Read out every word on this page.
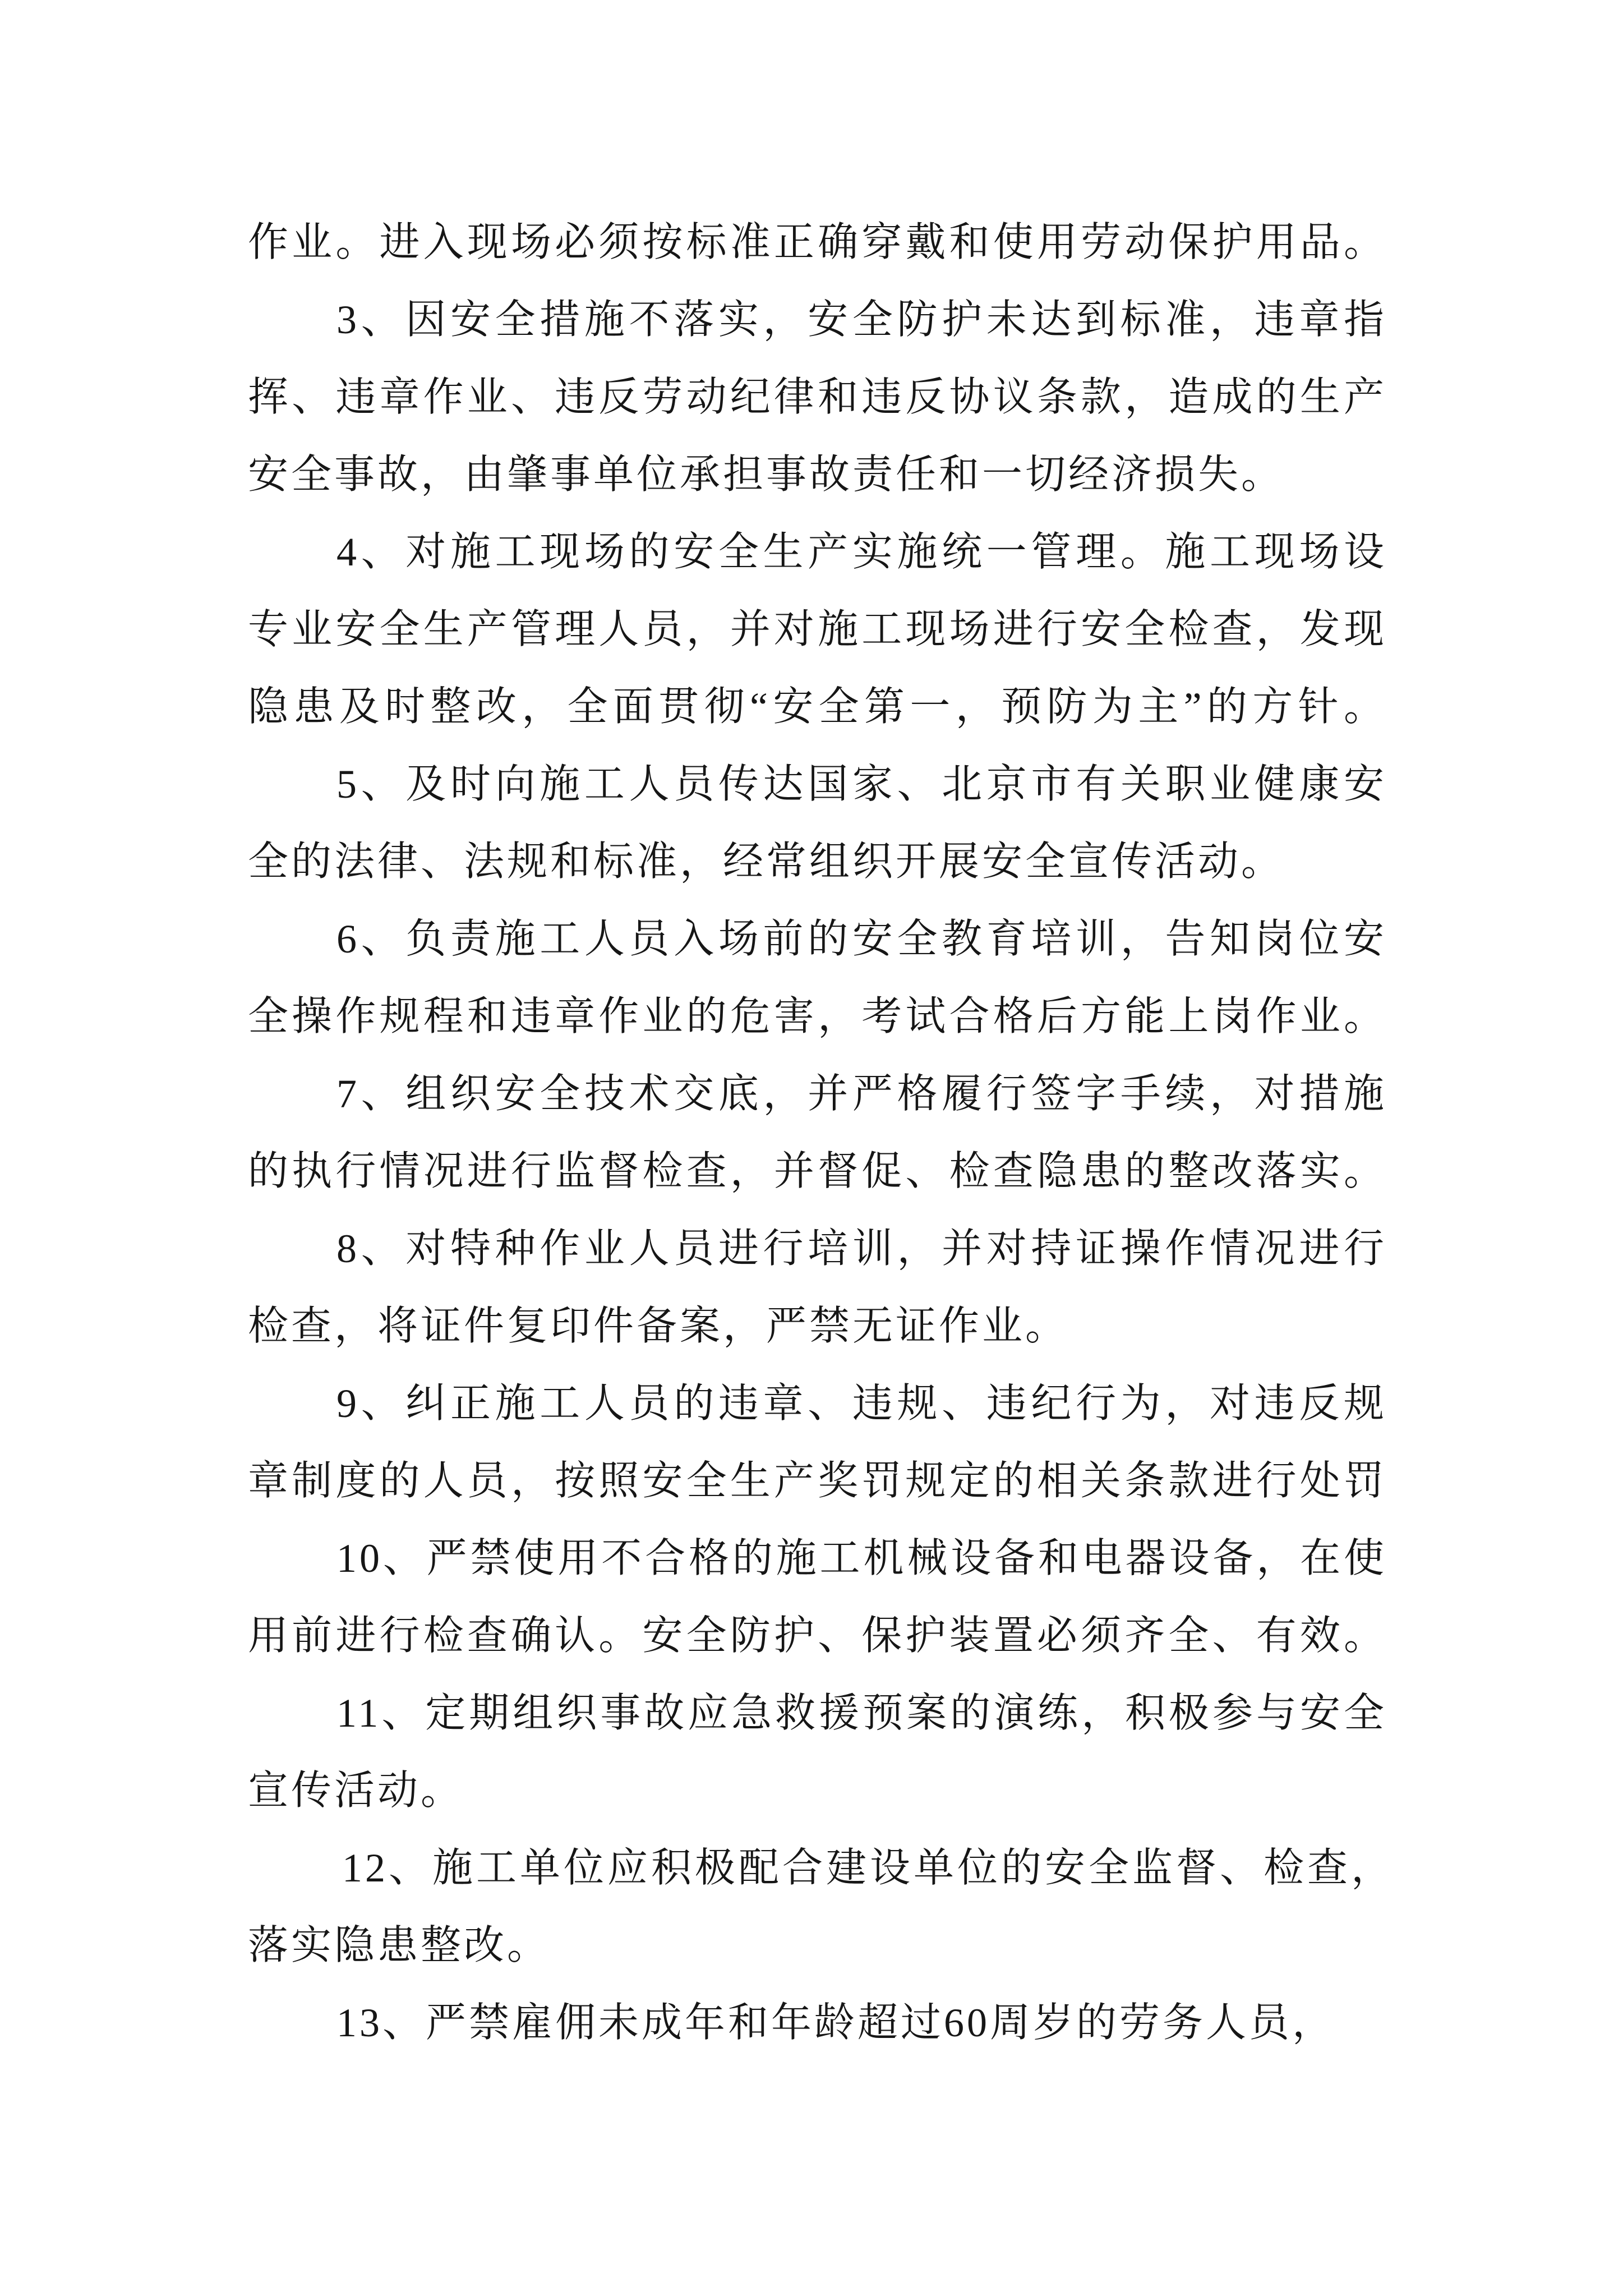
作业。进入现场必须按标准正确穿戴和使用劳动保护用品。
3、因安全措施不落实，安全防护未达到标准，违章指
挥、违章作业、违反劳动纪律和违反协议条款，造成的生产
安全事故，由肇事单位承担事故责任和一切经济损失。
4、对施工现场的安全生产实施统一管理。施工现场设
专业安全生产管理人员，并对施工现场进行安全检查，发现
隐患及时整改，全面贯彻“安全第一，预防为主”的方针。
5、及时向施工人员传达国家、北京市有关职业健康安
全的法律、法规和标准，经常组织开展安全宣传活动。
6、负责施工人员入场前的安全教育培训，告知岗位安
全操作规程和违章作业的危害，考试合格后方能上岗作业。
7、组织安全技术交底，并严格履行签字手续，对措施
的执行情况进行监督检查，并督促、检查隐患的整改落实。
8、对特种作业人员进行培训，并对持证操作情况进行
检查，将证件复印件备案，严禁无证作业。
9、纠正施工人员的违章、违规、违纪行为，对违反规
章制度的人员，按照安全生产奖罚规定的相关条款进行处罚
10、严禁使用不合格的施工机械设备和电器设备，在使
用前进行检查确认。安全防护、保护装置必须齐全、有效。
11、定期组织事故应急救援预案的演练，积极参与安全
宣传活动。
12、施工单位应积极配合建设单位的安全监督、检查，
落实隐患整改。
13、严禁雇佣未成年和年龄超过60周岁的劳务人员，
